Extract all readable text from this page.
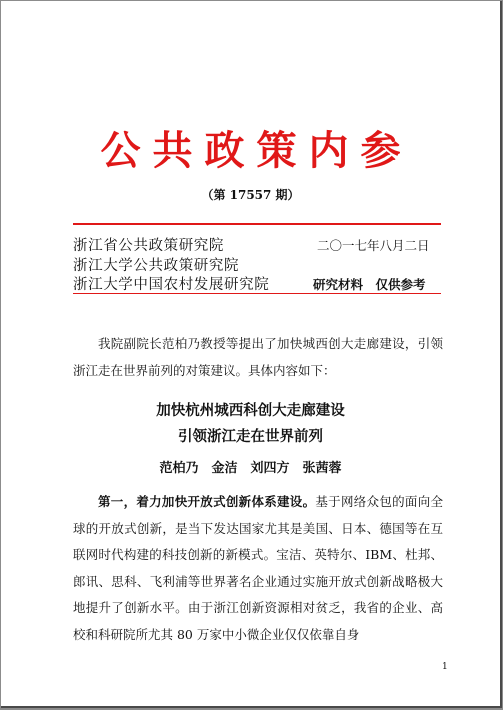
公共政策内参
（第 17557 期）
浙江省公共政策研究院
浙江大学公共政策研究院
浙江大学中国农村发展研究院
二〇一七年八月二日
研究材料　仅供参考
我院副院长范柏乃教授等提出了加快城西创大走廊建设，引领浙江走在世界前列的对策建议。具体内容如下：
加快杭州城西科创大走廊建设
引领浙江走在世界前列
范柏乃　金洁　刘四方　张茜蓉
第一，着力加快开放式创新体系建设。基于网络众包的面向全球的开放式创新，是当下发达国家尤其是美国、日本、德国等在互联网时代构建的科技创新的新模式。宝洁、英特尔、IBM、杜邦、郎讯、思科、飞利浦等世界著名企业通过实施开放式创新战略极大地提升了创新水平。由于浙江创新资源相对贫乏，我省的企业、高校和科研院所尤其 80 万家中小微企业仅仅依靠自身
1
